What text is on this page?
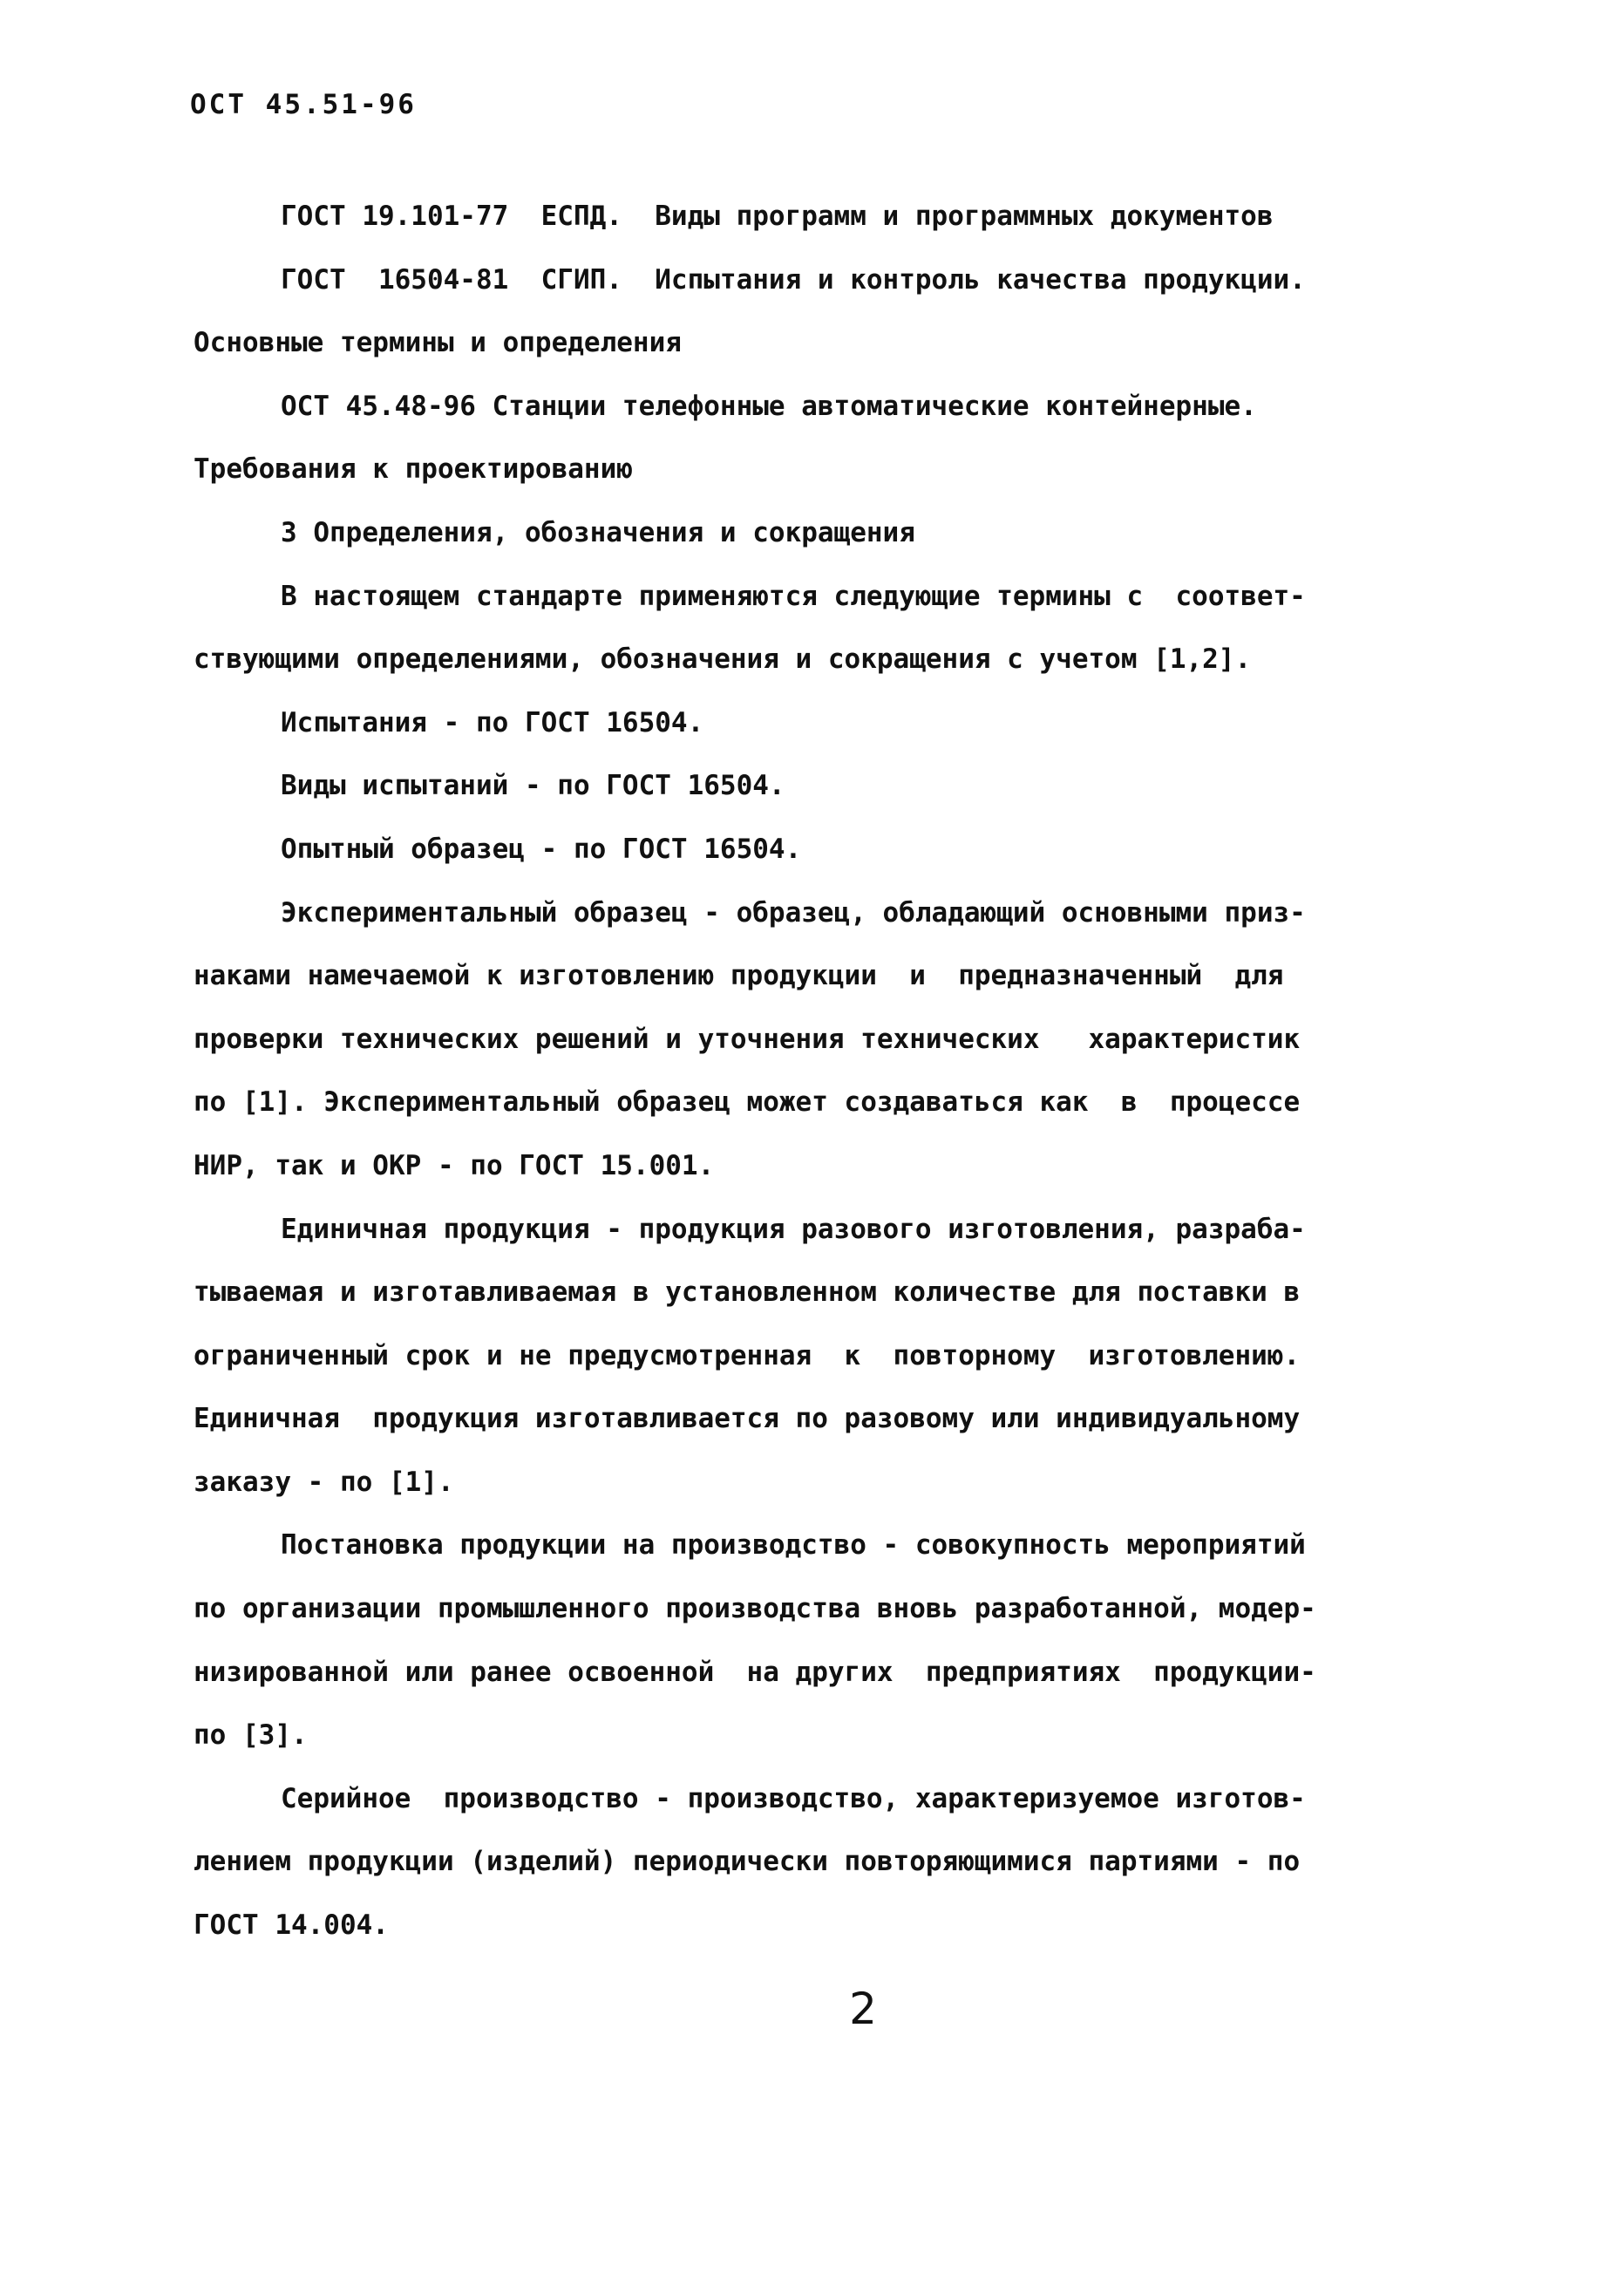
ОСТ 45.51-96
ГОСТ 19.101-77  ЕСПД.  Виды программ и программных документов
ГОСТ  16504-81  СГИП.  Испытания и контроль качества продукции.
Основные термины и определения
ОСТ 45.48-96 Станции телефонные автоматические контейнерные.
Требования к проектированию
3 Определения, обозначения и сокращения
В настоящем стандарте применяются следующие термины с  соответ-
ствующими определениями, обозначения и сокращения с учетом [1,2].
Испытания - по ГОСТ 16504.
Виды испытаний - по ГОСТ 16504.
Опытный образец - по ГОСТ 16504.
Экспериментальный образец - образец, обладающий основными приз-
наками намечаемой к изготовлению продукции  и  предназначенный  для
проверки технических решений и уточнения технических   характеристик
по [1]. Экспериментальный образец может создаваться как  в  процессе
НИР, так и ОКР - по ГОСТ 15.001.
Единичная продукция - продукция разового изготовления, разраба-
тываемая и изготавливаемая в установленном количестве для поставки в
ограниченный срок и не предусмотренная  к  повторному  изготовлению.
Единичная  продукция изготавливается по разовому или индивидуальному
заказу - по [1].
Постановка продукции на производство - совокупность мероприятий
по организации промышленного производства вновь разработанной, модер-
низированной или ранее освоенной  на других  предприятиях  продукции-
по [3].
Серийное  производство - производство, характеризуемое изготов-
лением продукции (изделий) периодически повторяющимися партиями - по
ГОСТ 14.004.
2
